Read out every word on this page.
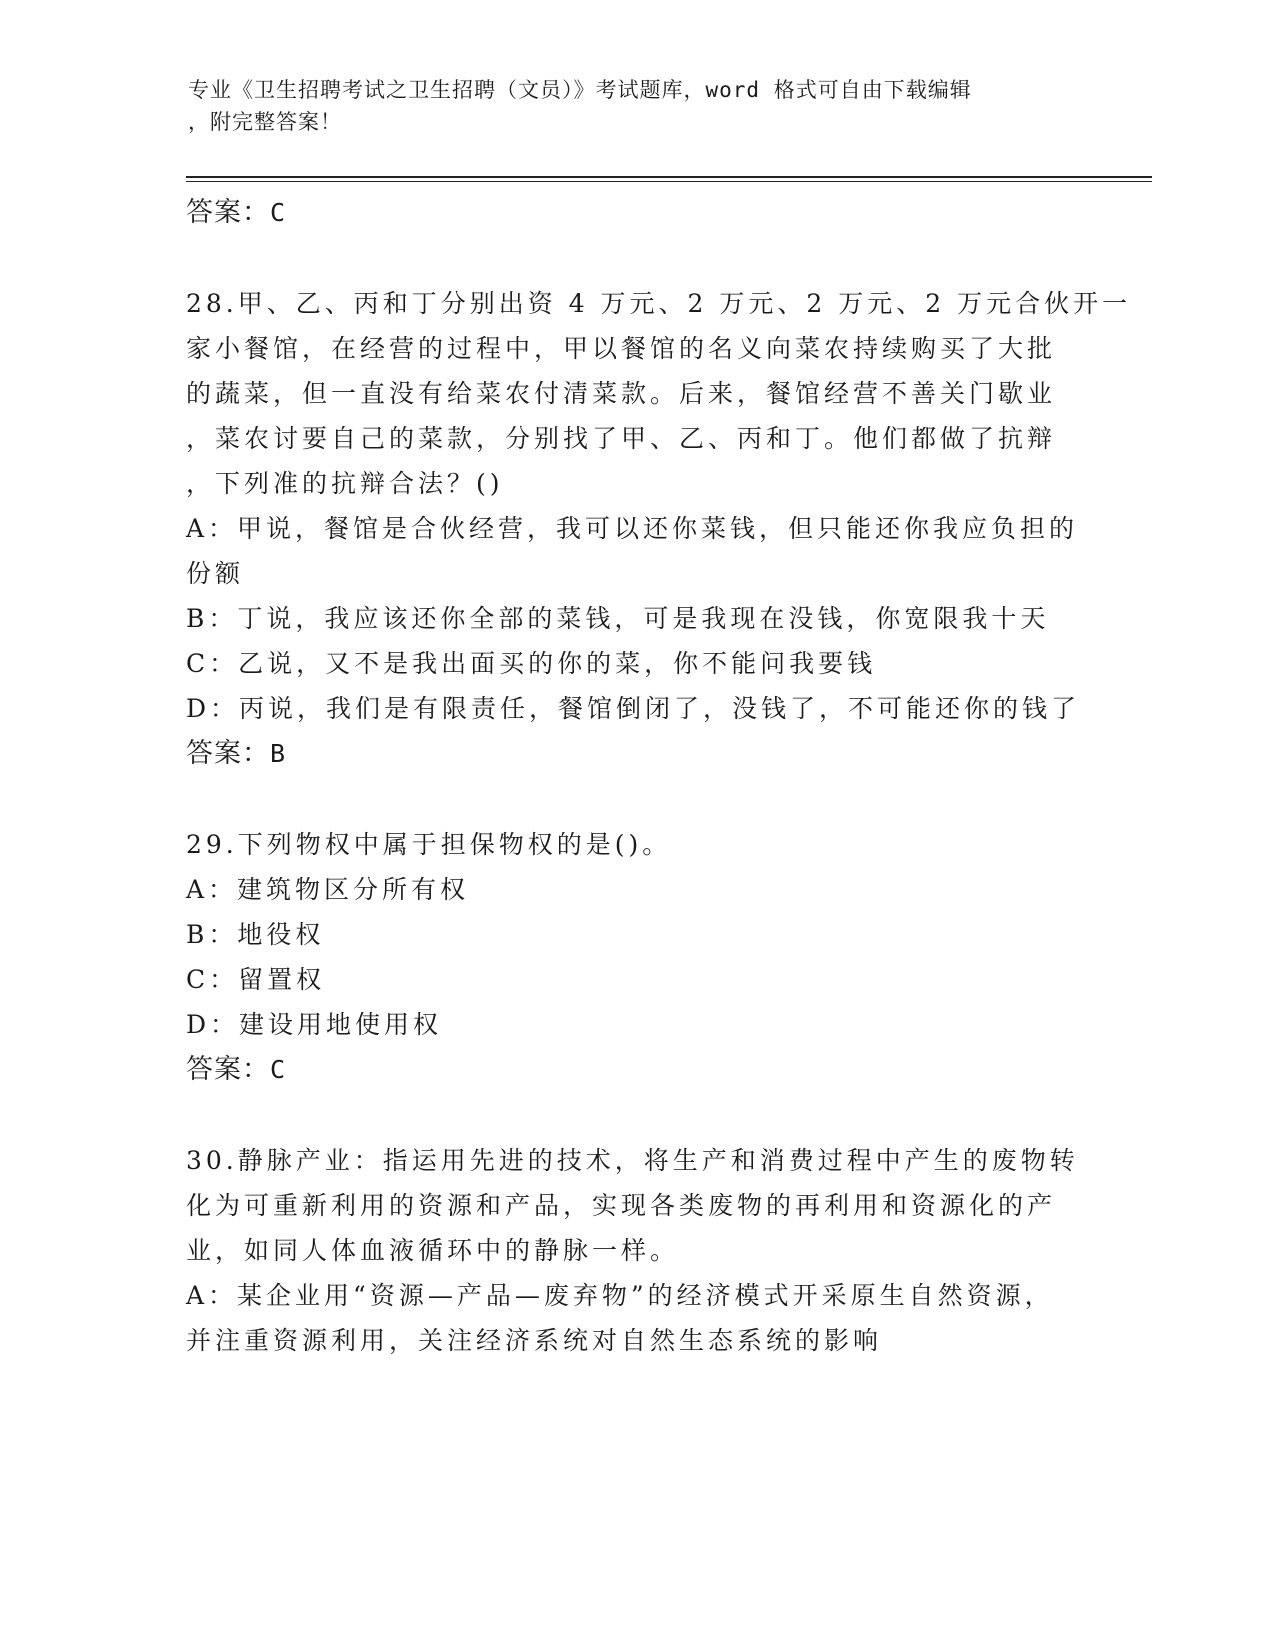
专业《卫生招聘考试之卫生招聘（文员）》考试题库，word 格式可自由下载编辑
，附完整答案！
答案：C
28.甲、乙、丙和丁分别出资 4 万元、2 万元、2 万元、2 万元合伙开一
家小餐馆，在经营的过程中，甲以餐馆的名义向菜农持续购买了大批
的蔬菜，但一直没有给菜农付清菜款。后来，餐馆经营不善关门歇业
，菜农讨要自己的菜款，分别找了甲、乙、丙和丁。他们都做了抗辩
，下列准的抗辩合法？()
A：甲说，餐馆是合伙经营，我可以还你菜钱，但只能还你我应负担的
份额
B：丁说，我应该还你全部的菜钱，可是我现在没钱，你宽限我十天
C：乙说，又不是我出面买的你的菜，你不能问我要钱
D：丙说，我们是有限责任，餐馆倒闭了，没钱了，不可能还你的钱了
答案：B
29.下列物权中属于担保物权的是()。
A：建筑物区分所有权
B：地役权
C：留置权
D：建设用地使用权
答案：C
30.静脉产业：指运用先进的技术，将生产和消费过程中产生的废物转
化为可重新利用的资源和产品，实现各类废物的再利用和资源化的产
业，如同人体血液循环中的静脉一样。
A：某企业用“资源—产品—废弃物”的经济模式开采原生自然资源，
并注重资源利用，关注经济系统对自然生态系统的影响
